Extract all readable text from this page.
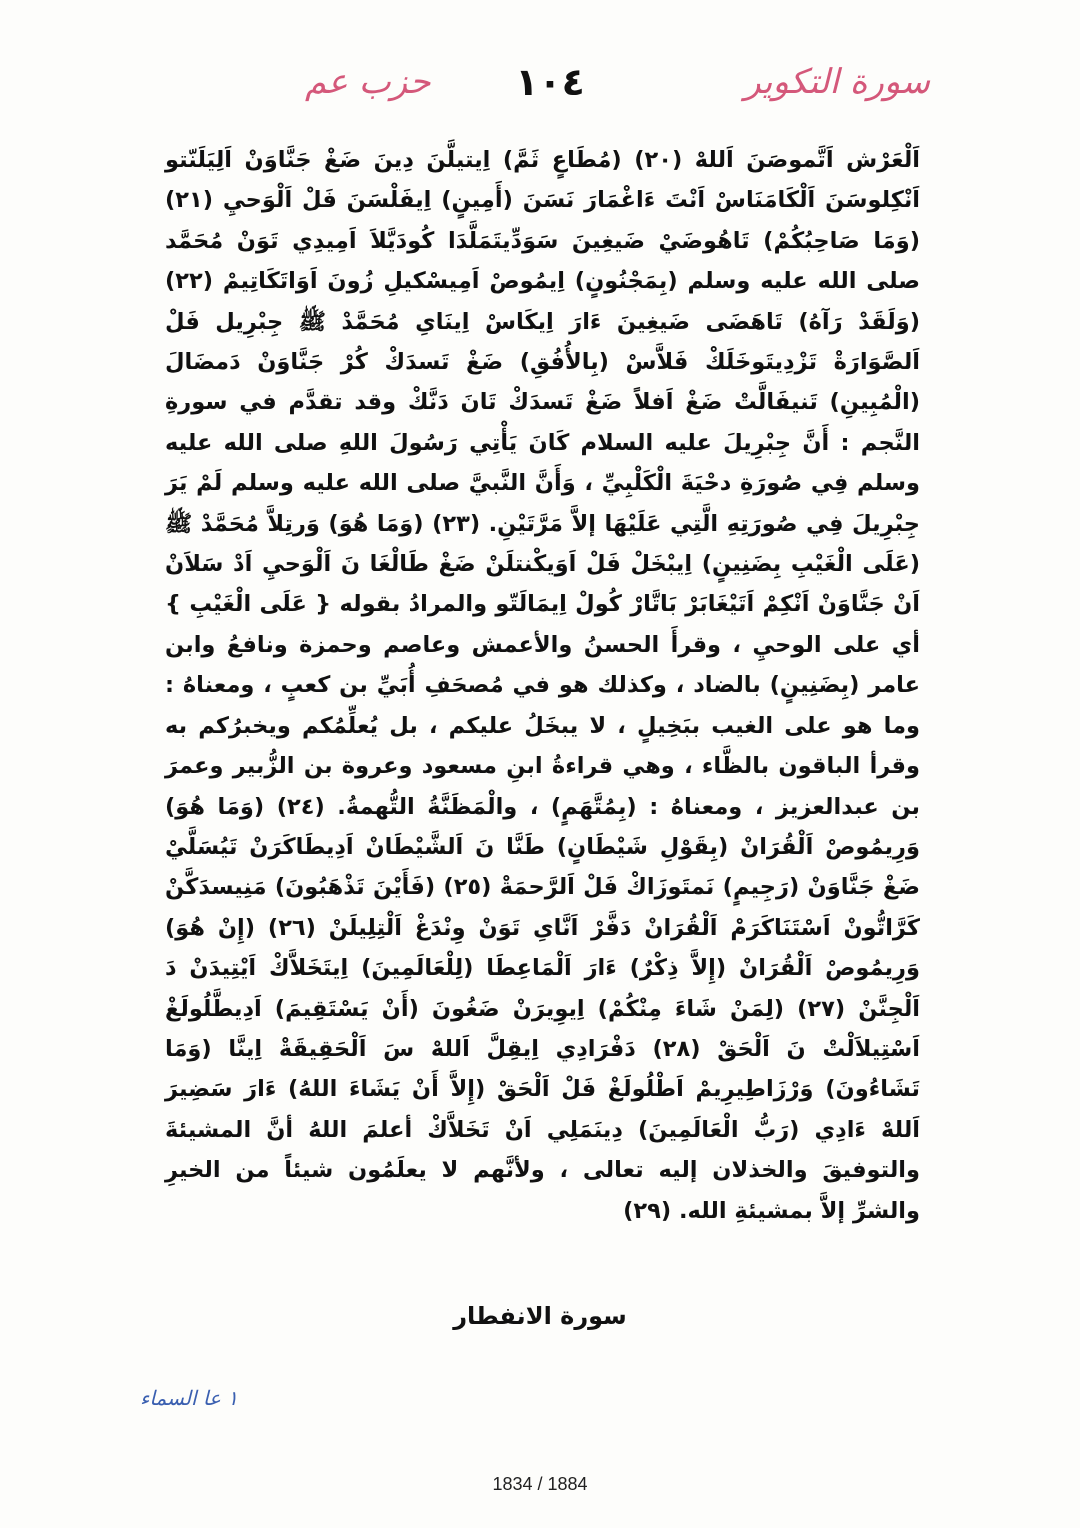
سورة التكوير
١٠٤
حزب عم

اَلْعَرْش اَتَّموصَنَ اَللهْ (٢٠) (مُطَاعٍ ثَمَّ) اِيتيلَّنَ دِينَ ضَغْ جَنَّاوَنْ اَلِيَلَنّتو اَنْكِلوسَنَ اَلْكَامَنَاسْ اَنْتَ ءَاغْمَارَ نَسَنَ (أَمِينٍ) اِيفَلْسَنَ فَلْ اَلْوَحيِ (٢١) (وَمَا صَاحِبُكُمْ) تَاهُوضَيْ ضَيغِينَ سَوَدِّيتَمَلَّدَا كُودَيَّلاَ اَمِيدِي تَوَنْ مُحَمَّد صلى الله عليه وسلم (بِمَجْنُونٍ) اِيمُوصْ اَمِيسْكيلِ زُونَ اَوَاتَكَاتِيمْ (٢٢) (وَلَقَدْ رَآهُ) تَاهَضَى ضَيغِينَ ءَارَ اِيكَاسْ اِينَاىِ مُحَمَّدْ ﷺ جِبْرِيل فَلْ اَلصَّوَارَةْ تَزْدِيتَوخَلَكْ فَلاَّسْ (بِالأُفُقِ) ضَغْ تَسدَكْ كُرْ جَنَّاوَنْ دَمضَالَ (الْمُبِينِ) تَنيفَالَّتْ ضَغْ اَفلاً ضَغْ تَسدَكْ تَانَ دَنَّكْ وقد تقدَّم في سورةِ النَّجم : أَنَّ جِبْرِيلَ عليه السلام كَانَ يَأْتِي رَسُولَ اللهِ صلى الله عليه وسلم فِي صُورَةِ دحْيَةَ الْكَلْبِيِّ ، وَأَنَّ النَّبيَّ صلى الله عليه وسلم لَمْ يَرَ جِبْرِيلَ فِي صُورَتِهِ الَّتِي عَلَيْهَا إلاَّ مَرَّتَيْنِ. (٢٣) (وَمَا هُوَ) وَرتِلاَّ مُحَمَّدْ ﷺ (عَلَى الْغَيْبِ بِضَنِينٍ) اِيبْخَلْ فَلْ اَوَيكْنتلَنْ ضَغْ طَالْغَا نَ اَلْوَحيِ اَدْ سَلاَنْ اَنْ جَنَّاوَنْ اَنْكِمْ اَتَيْغَابَرْ بَاتَّارْ كُولْ اِيمَالَتّو والمرادُ بقوله { عَلَى الْغَيْبِ } أي على الوحيِ ، وقرأَ الحسنُ والأعمش وعاصم وحمزة ونافعُ وابن عامر (بِضَنِينٍ) بالضاد ، وكذلك هو في مُصحَفِ أُبَيِّ بن كعبٍ ، ومعناهُ : وما هو على الغيب ببَخِيلٍ ، لا يبخَلُ عليكم ، بل يُعلِّمُكم ويخبرُكم به وقرأ الباقون بالظَّاء ، وهي قراءةُ ابنِ مسعود وعروة بن الزُّبير وعمرَ بن عبدالعزيز ، ومعناهُ : (بِمُتَّهَمٍ) ، والْمَظَنَّةُ التُّهمةُ. (٢٤) (وَمَا هُوَ) وَرِيمُوصْ اَلْقُرَانْ (بِقَوْلِ شَيْطَانٍ) طَنَّا نَ اَلشَّيْطَانْ اَدِيطَاكَرَنْ تَيُسَلَّيْ ضَغْ جَنَّاوَنْ (رَجِيمٍ) نَمتَوزَاكْ فَلْ اَلرَّحمَةْ (٢٥) (فَأَيْنَ تَذْهَبُونَ) مَنِيسدَكَّنْ كَرَّاتُّونْ اَسْتَنَاكَرَمْ اَلْقُرَانْ دَفَّرْ اَنَّاىِ تَوَنْ وِنْدَغْ اَلْتِلِيلَنْ (٢٦) (إِنْ هُوَ) وَرِيمُوصْ اَلْقُرَانْ (إِلاَّ ذِكْرٌ) ءَارَ اَلْمَاعِطَا (لِلْعَالَمِينَ) اِيتَخَلاَّكْ اَيْتِيدَنْ دَ اَلْجِنَّنْ (٢٧) (لِمَنْ شَاءَ مِنْكُمْ) اِيوِيرَنْ ضَغُونَ (أَنْ يَسْتَقِيمَ) اَدِيطَّلُولَغْ اَسْتِيلاَلْتْ نَ اَلْحَقْ (٢٨) دَفْرَادِي اِيقِلَّ اَللهْ سَ اَلْحَقِيقَةْ اِينَّا (وَمَا تَشَاءُونَ) وَرْزَاطِيرِيمْ اَطْلُولَغْ فَلْ اَلْحَقْ (إِلاَّ أَنْ يَشَاءَ اللهُ) ءَارَ سَضِيرَ اَللهْ ءَادِي (رَبُّ الْعَالَمِينَ) دِينَمَلِي اَنْ تَخَلاَّكْ أعلمَ اللهُ أنَّ المشيئةَ والتوفيقَ والخذلان إليه تعالى ، ولأنَّهم لا يعلَمُون شيئاً من الخيرِ والشرِّ إلاَّ بمشيئةِ الله. (٢٩)

سورة الانفطار
١ عا السماء
1834 / 1884
